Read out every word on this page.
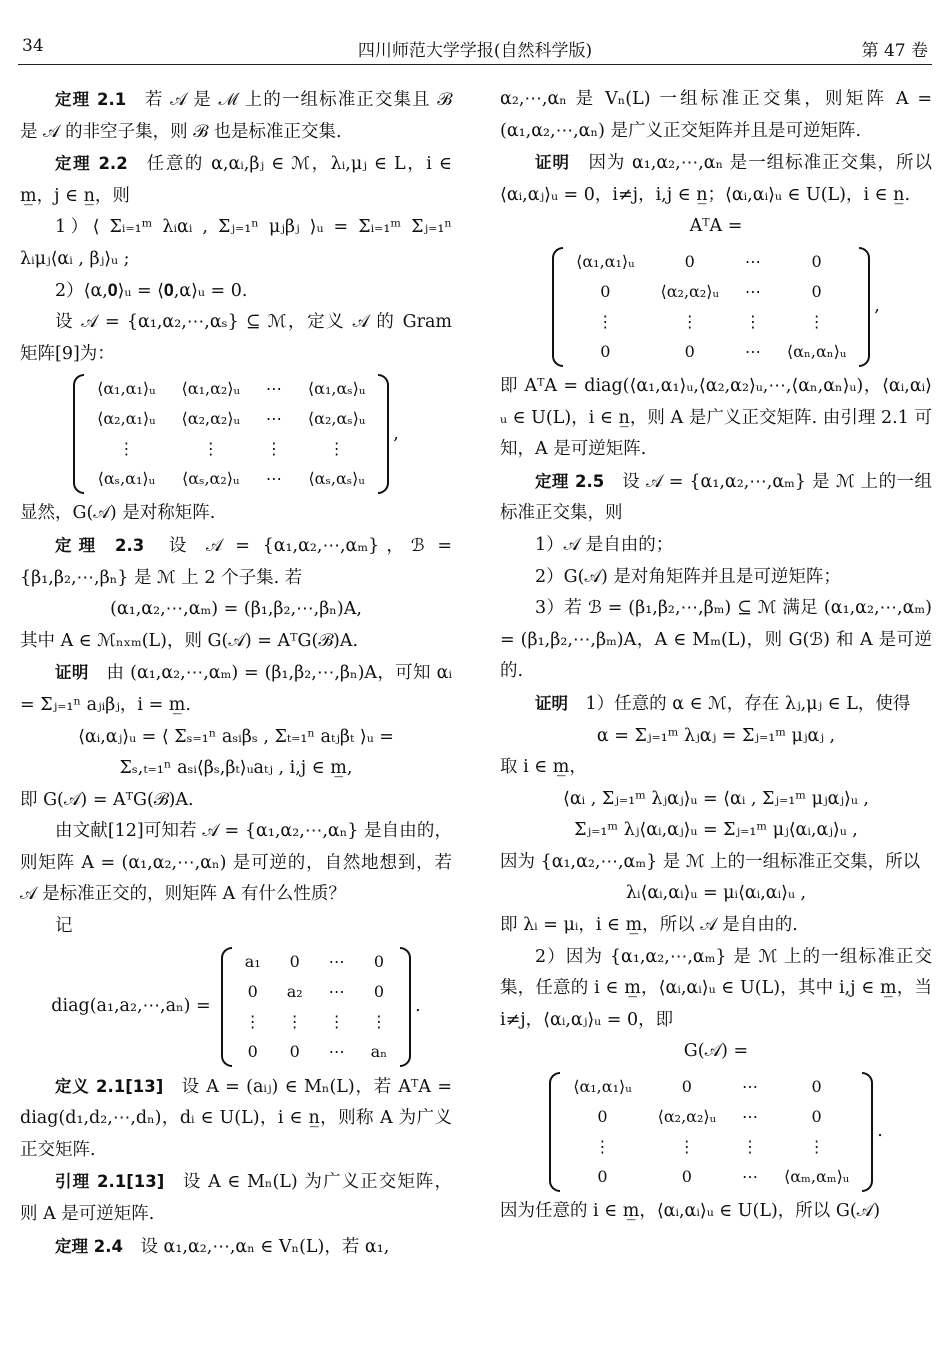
34	四川师范大学学报(自然科学版)	第 47 卷

定理 2.1  若 𝒜 是 ℳ 上的一组标准正交集且 ℬ 是 𝒜 的非空子集，则 ℬ 也是标准正交集.

定理 2.2  任意的 α,αᵢ,βⱼ ∈ ℳ，λᵢ,μⱼ ∈ L，i ∈ m̲，j ∈ n̲，则

1）⟨ Σᵢ₌₁ᵐ λᵢαᵢ , Σⱼ₌₁ⁿ μⱼβⱼ ⟩ᵤ = Σᵢ₌₁ᵐ Σⱼ₌₁ⁿ λᵢμⱼ⟨αᵢ , βⱼ⟩ᵤ ;

2）⟨α,𝟎⟩ᵤ = ⟨𝟎,α⟩ᵤ = 0.

设 𝒜 = {α₁,α₂,⋯,αₛ} ⊆ ℳ，定义 𝒜 的 Gram 矩阵[9]为：

⟨α₁,α₁⟩ᵤ	⟨α₁,α₂⟩ᵤ	⋯	⟨α₁,αₛ⟩ᵤ
⟨α₂,α₁⟩ᵤ	⟨α₂,α₂⟩ᵤ	⋯	⟨α₂,αₛ⟩ᵤ
⋮	⋮	⋮	⋮
⟨αₛ,α₁⟩ᵤ	⟨αₛ,α₂⟩ᵤ	⋯	⟨αₛ,αₛ⟩ᵤ
,

显然，G(𝒜) 是对称矩阵.

定理 2.3  设 𝒜 = {α₁,α₂,⋯,αₘ}，ℬ = {β₁,β₂,⋯,βₙ} 是 ℳ 上 2 个子集. 若

(α₁,α₂,⋯,αₘ) = (β₁,β₂,⋯,βₙ)A,

其中 A ∈ ℳₙₓₘ(L)，则 G(𝒜) = AᵀG(ℬ)A.

证明  由 (α₁,α₂,⋯,αₘ) = (β₁,β₂,⋯,βₙ)A，可知 αᵢ = Σⱼ₌₁ⁿ aⱼᵢβⱼ，i = m̲.

⟨αᵢ,αⱼ⟩ᵤ = ⟨ Σₛ₌₁ⁿ aₛᵢβₛ , Σₜ₌₁ⁿ aₜⱼβₜ ⟩ᵤ =
Σₛ,ₜ₌₁ⁿ aₛᵢ⟨βₛ,βₜ⟩ᵤaₜⱼ , i,j ∈ m̲,

即 G(𝒜) = AᵀG(ℬ)A.

由文献[12]可知若 𝒜 = {α₁,α₂,⋯,αₙ} 是自由的，则矩阵 A = (α₁,α₂,⋯,αₙ) 是可逆的，自然地想到，若 𝒜 是标准正交的，则矩阵 A 有什么性质？

记

diag(a₁,a₂,⋯,aₙ) =
a₁	0	⋯	0
0	a₂	⋯	0
⋮	⋮	⋮	⋮
0	0	⋯	aₙ
.

定义 2.1[13]  设 A = (aᵢⱼ) ∈ Mₙ(L)，若 AᵀA = diag(d₁,d₂,⋯,dₙ)，dᵢ ∈ U(L)，i ∈ n̲，则称 A 为广义正交矩阵.

引理 2.1[13]  设 A ∈ Mₙ(L) 为广义正交矩阵，则 A 是可逆矩阵.

定理 2.4  设 α₁,α₂,⋯,αₙ ∈ Vₙ(L)，若 α₁,

α₂,⋯,αₙ 是 Vₙ(L) 一组标准正交集，则矩阵 A = (α₁,α₂,⋯,αₙ) 是广义正交矩阵并且是可逆矩阵.

证明  因为 α₁,α₂,⋯,αₙ 是一组标准正交集，所以 ⟨αᵢ,αⱼ⟩ᵤ = 0，i≠j，i,j ∈ n̲；⟨αᵢ,αᵢ⟩ᵤ ∈ U(L)，i ∈ n̲.

AᵀA =
⟨α₁,α₁⟩ᵤ	0	⋯	0
0	⟨α₂,α₂⟩ᵤ	⋯	0
⋮	⋮	⋮	⋮
0	0	⋯	⟨αₙ,αₙ⟩ᵤ
,

即 AᵀA = diag(⟨α₁,α₁⟩ᵤ,⟨α₂,α₂⟩ᵤ,⋯,⟨αₙ,αₙ⟩ᵤ)，⟨αᵢ,αᵢ⟩ᵤ ∈ U(L)，i ∈ n̲，则 A 是广义正交矩阵. 由引理 2.1 可知，A 是可逆矩阵.

定理 2.5  设 𝒜 = {α₁,α₂,⋯,αₘ} 是 ℳ 上的一组标准正交集，则

1）𝒜 是自由的；

2）G(𝒜) 是对角矩阵并且是可逆矩阵；

3）若 ℬ = (β₁,β₂,⋯,βₘ) ⊆ ℳ 满足 (α₁,α₂,⋯,αₘ) = (β₁,β₂,⋯,βₘ)A，A ∈ Mₘ(L)，则 G(ℬ) 和 A 是可逆的.

证明  1）任意的 α ∈ ℳ，存在 λⱼ,μⱼ ∈ L，使得

α = Σⱼ₌₁ᵐ λⱼαⱼ = Σⱼ₌₁ᵐ μⱼαⱼ ,

取 i ∈ m̲，

⟨αᵢ , Σⱼ₌₁ᵐ λⱼαⱼ⟩ᵤ = ⟨αᵢ , Σⱼ₌₁ᵐ μⱼαⱼ⟩ᵤ ,
Σⱼ₌₁ᵐ λⱼ⟨αᵢ,αⱼ⟩ᵤ = Σⱼ₌₁ᵐ μⱼ⟨αᵢ,αⱼ⟩ᵤ ,

因为 {α₁,α₂,⋯,αₘ} 是 ℳ 上的一组标准正交集，所以

λᵢ⟨αᵢ,αᵢ⟩ᵤ = μᵢ⟨αᵢ,αᵢ⟩ᵤ ,

即 λᵢ = μᵢ，i ∈ m̲，所以 𝒜 是自由的.

2）因为 {α₁,α₂,⋯,αₘ} 是 ℳ 上的一组标准正交集，任意的 i ∈ m̲，⟨αᵢ,αᵢ⟩ᵤ ∈ U(L)，其中 i,j ∈ m̲，当 i≠j，⟨αᵢ,αⱼ⟩ᵤ = 0，即

G(𝒜) =
⟨α₁,α₁⟩ᵤ	0	⋯	0
0	⟨α₂,α₂⟩ᵤ	⋯	0
⋮	⋮	⋮	⋮
0	0	⋯	⟨αₘ,αₘ⟩ᵤ
.

因为任意的 i ∈ m̲，⟨αᵢ,αᵢ⟩ᵤ ∈ U(L)，所以 G(𝒜)
